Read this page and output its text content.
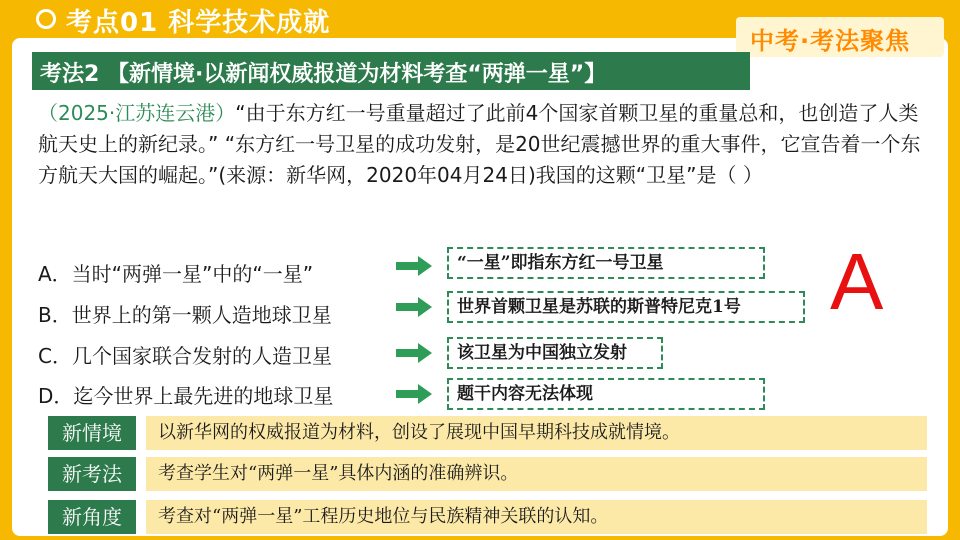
考点01 科学技术成就
中考·考法聚焦
考法2 【新情境·以新闻权威报道为材料考查“两弹一星”】
（2025·江苏连云港）“由于东方红一号重量超过了此前4个国家首颗卫星的重量总和，也创造了人类航天史上的新纪录。” “东方红一号卫星的成功发射，是20世纪震撼世界的重大事件，它宣告着一个东方航天大国的崛起。”(来源：新华网，2020年04月24日)我国的这颗“卫星”是（ ）
A．当时“两弹一星”中的“一星”	“一星”即指东方红一号卫星
B．世界上的第一颗人造地球卫星	世界首颗卫星是苏联的斯普特尼克1号
C．几个国家联合发射的人造卫星	该卫星为中国独立发射
D．迄今世界上最先进的地球卫星	题干内容无法体现
A
新情境	以新华网的权威报道为材料，创设了展现中国早期科技成就情境。
新考法	考查学生对“两弹一星”具体内涵的准确辨识。
新角度	考查对“两弹一星”工程历史地位与民族精神关联的认知。
